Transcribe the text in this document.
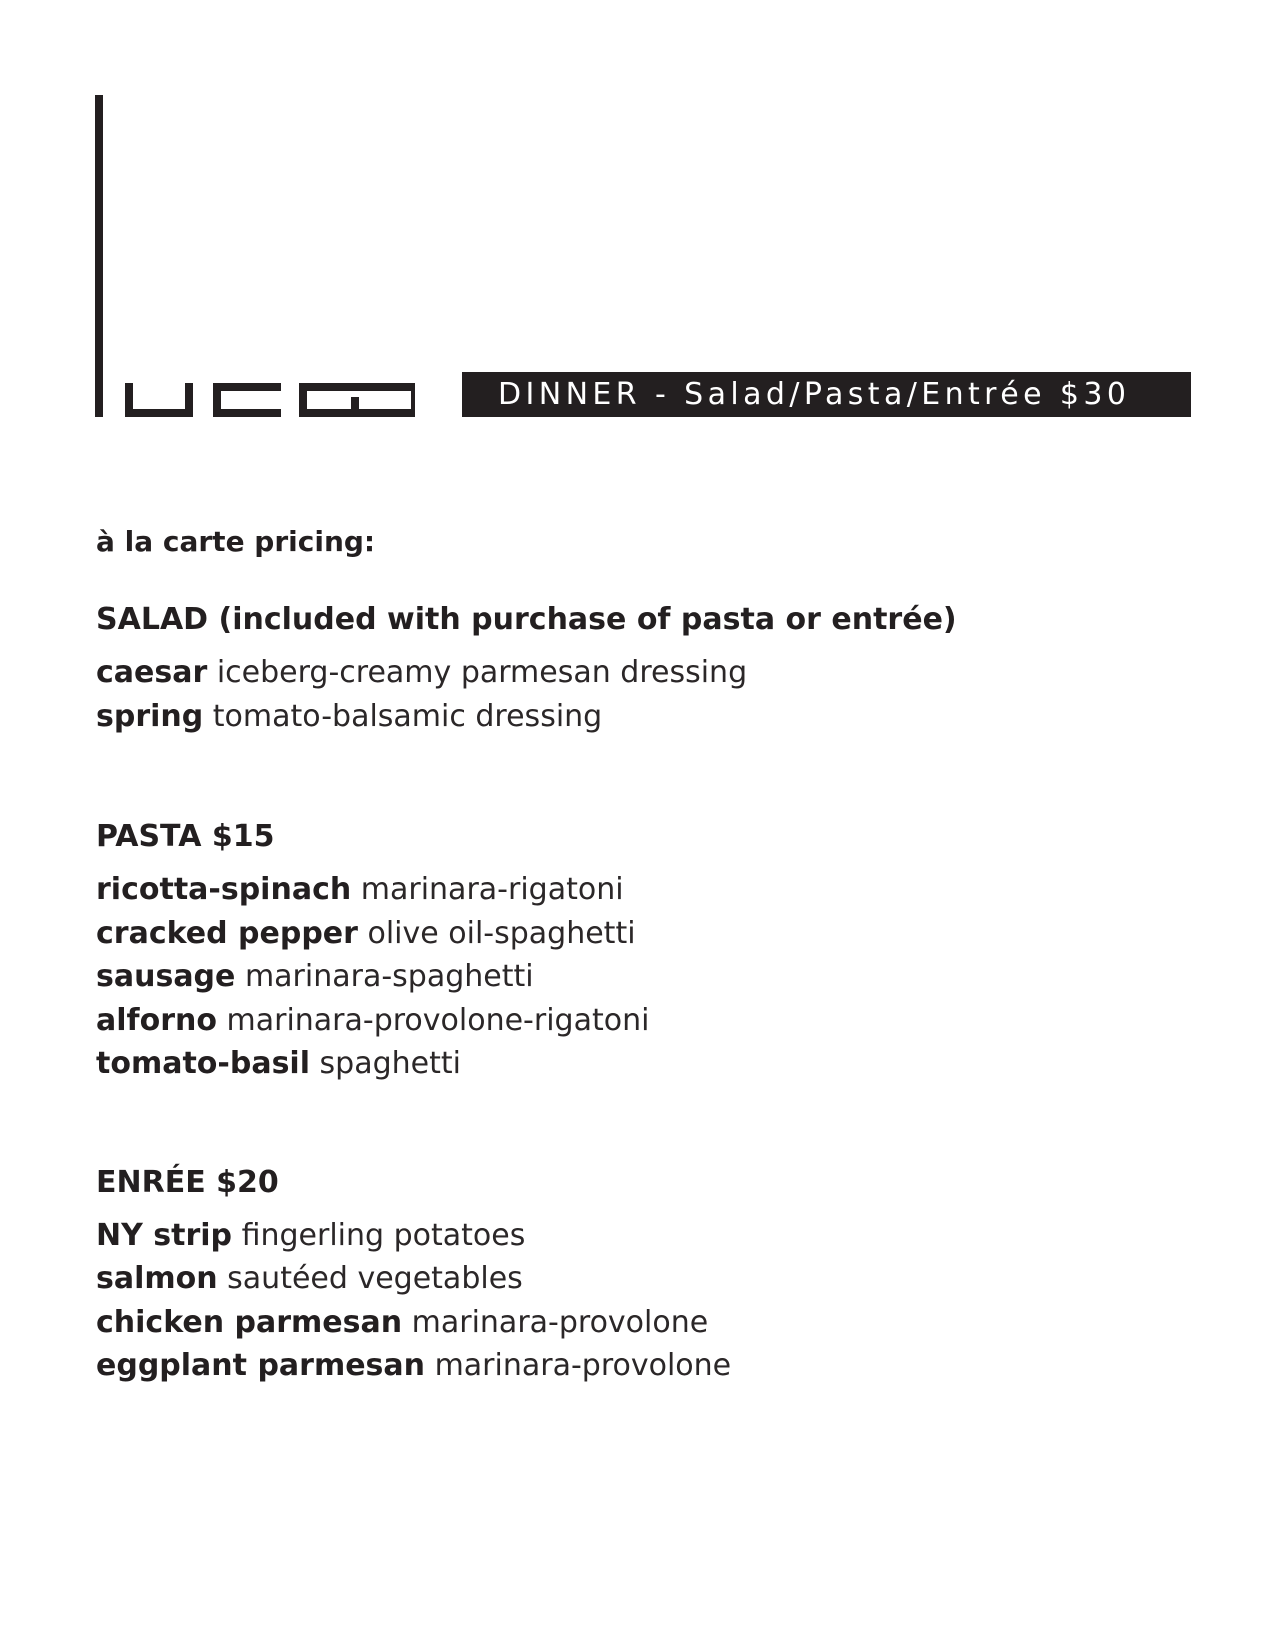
DINNER - Salad/Pasta/Entrée $30

à la carte pricing:

SALAD (included with purchase of pasta or entrée)

caesar iceberg-creamy parmesan dressing

spring tomato-balsamic dressing

PASTA $15

ricotta-spinach marinara-rigatoni

cracked pepper olive oil-spaghetti

sausage marinara-spaghetti

alforno marinara-provolone-rigatoni

tomato-basil spaghetti

ENRÉE $20

NY strip fingerling potatoes

salmon sautéed vegetables

chicken parmesan marinara-provolone

eggplant parmesan marinara-provolone
